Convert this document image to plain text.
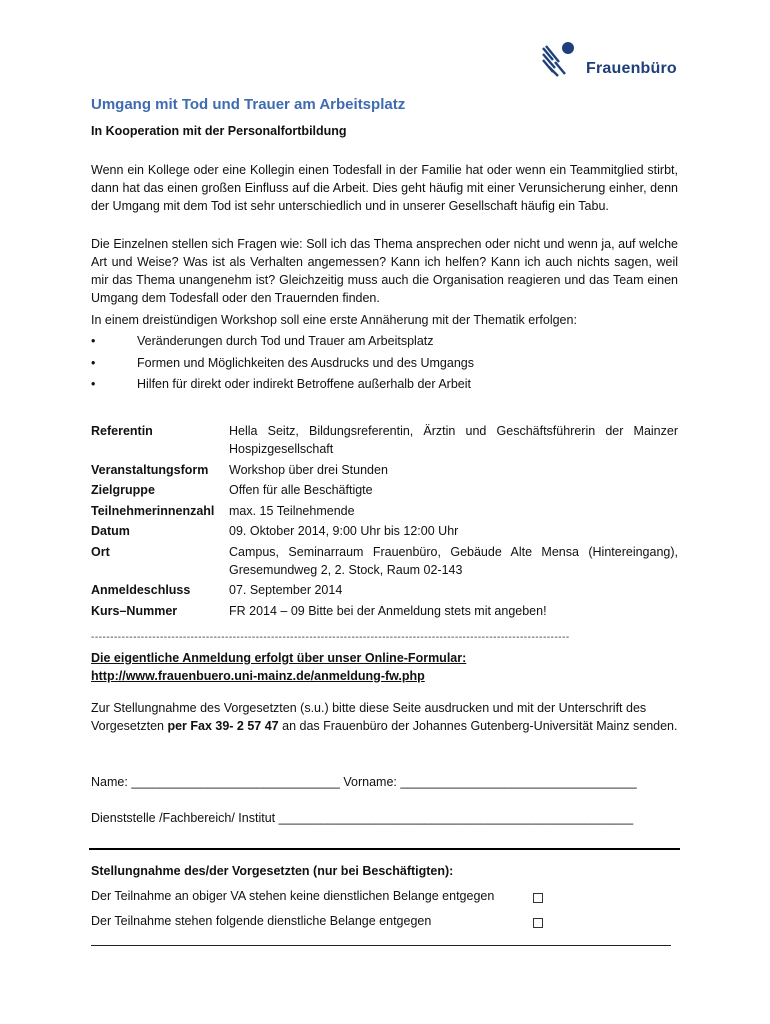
Frauenbüro
Umgang mit Tod und Trauer am Arbeitsplatz
In Kooperation mit der Personalfortbildung
Wenn ein Kollege oder eine Kollegin einen Todesfall in der Familie hat oder wenn ein Teammitglied stirbt, dann hat das einen großen Einfluss auf die Arbeit. Dies geht häufig mit einer Verunsicherung einher, denn der Umgang mit dem Tod ist sehr unterschiedlich und in unserer Gesellschaft häufig ein Tabu.
Die Einzelnen stellen sich Fragen wie: Soll ich das Thema ansprechen oder nicht und wenn ja, auf welche Art und Weise? Was ist als Verhalten angemessen? Kann ich helfen? Kann ich auch nichts sagen, weil mir das Thema unangenehm ist? Gleichzeitig muss auch die Organisation reagieren und das Team einen Umgang dem Todesfall oder den Trauernden finden.
In einem dreistündigen Workshop soll eine erste Annäherung mit der Thematik erfolgen:
•	Veränderungen durch Tod und Trauer am Arbeitsplatz
•	Formen und Möglichkeiten des Ausdrucks und des Umgangs
•	Hilfen für direkt oder indirekt Betroffene außerhalb der Arbeit
Referentin	Hella Seitz, Bildungsreferentin, Ärztin und Geschäftsführerin der Mainzer Hospizgesellschaft
Veranstaltungsform	Workshop über drei Stunden
Zielgruppe	Offen für alle Beschäftigte
Teilnehmerinnenzahl	max. 15 Teilnehmende
Datum	09. Oktober 2014, 9:00 Uhr bis 12:00 Uhr
Ort	Campus, Seminarraum Frauenbüro, Gebäude Alte Mensa (Hintereingang), Gresemundweg 2, 2. Stock, Raum 02-143
Anmeldeschluss	07. September 2014
Kurs–Nummer	FR 2014 – 09 Bitte bei der Anmeldung stets mit angeben!
-----------------------------------------------------------------------------------------------------------------------------
Die eigentliche Anmeldung erfolgt über unser Online-Formular:
http://www.frauenbuero.uni-mainz.de/anmeldung-fw.php
Zur Stellungnahme des Vorgesetzten (s.u.) bitte diese Seite ausdrucken und mit der Unterschrift des Vorgesetzten per Fax 39- 2 57 47 an das Frauenbüro der Johannes Gutenberg-Universität Mainz senden.
Name: ______________________________ Vorname: __________________________________
Dienststelle /Fachbereich/ Institut ___________________________________________________
Stellungnahme des/der Vorgesetzten (nur bei Beschäftigten):
Der Teilnahme an obiger VA stehen keine dienstlichen Belange entgegen
Der Teilnahme stehen folgende dienstliche Belange entgegen
